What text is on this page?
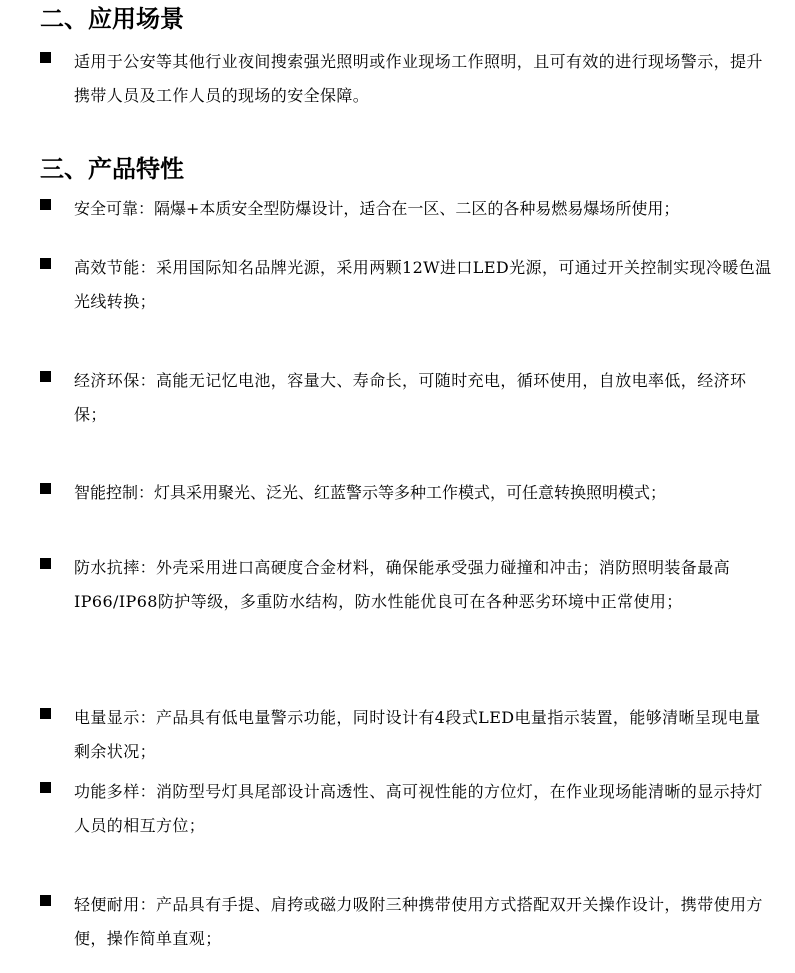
二、应用场景

适用于公安等其他行业夜间搜索强光照明或作业现场工作照明，且可有效的进行现场警示，提升携带人员及工作人员的现场的安全保障。

三、产品特性

安全可靠：隔爆+本质安全型防爆设计，适合在一区、二区的各种易燃易爆场所使用；

高效节能：采用国际知名品牌光源，采用两颗12W进口LED光源，可通过开关控制实现冷暖色温光线转换；

经济环保：高能无记忆电池，容量大、寿命长，可随时充电，循环使用，自放电率低，经济环保；

智能控制：灯具采用聚光、泛光、红蓝警示等多种工作模式，可任意转换照明模式；

防水抗摔：外壳采用进口高硬度合金材料，确保能承受强力碰撞和冲击；消防照明装备最高IP66/IP68防护等级，多重防水结构，防水性能优良可在各种恶劣环境中正常使用；

电量显示：产品具有低电量警示功能，同时设计有4段式LED电量指示装置，能够清晰呈现电量剩余状况；

功能多样：消防型号灯具尾部设计高透性、高可视性能的方位灯，在作业现场能清晰的显示持灯人员的相互方位；

轻便耐用：产品具有手提、肩挎或磁力吸附三种携带使用方式搭配双开关操作设计，携带使用方便，操作简单直观；
